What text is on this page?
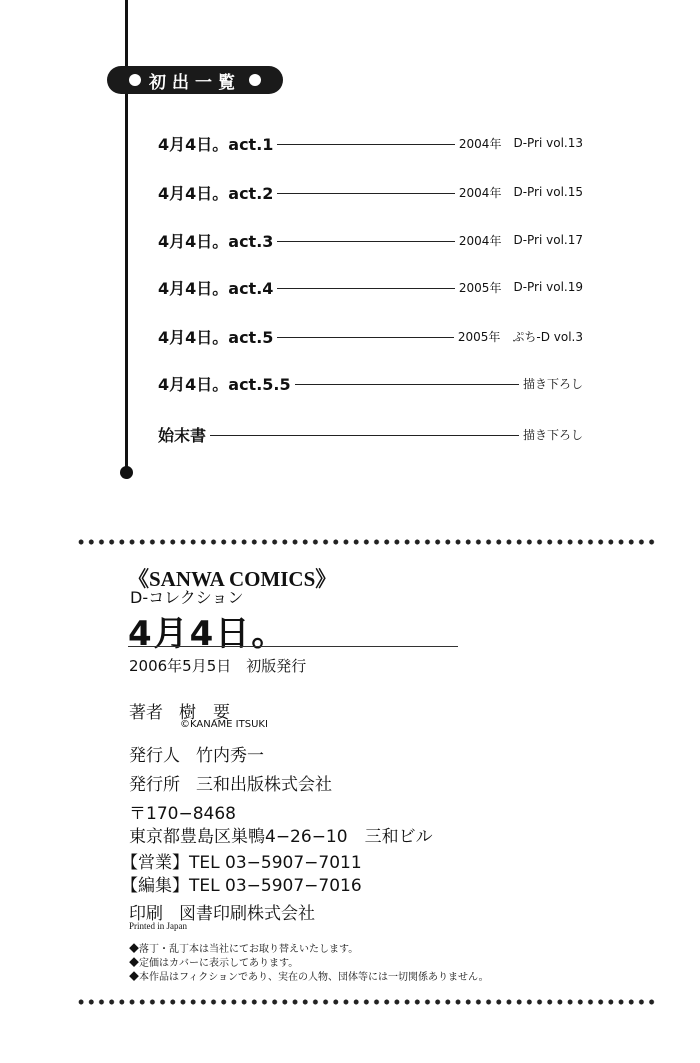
初出一覧
4月4日。act.1	2004年 D-Pri vol.13
4月4日。act.2	2004年 D-Pri vol.15
4月4日。act.3	2004年 D-Pri vol.17
4月4日。act.4	2005年 D-Pri vol.19
4月4日。act.5	2005年 ぷち-D vol.3
4月4日。act.5.5	描き下ろし
始末書	描き下ろし
《SANWA COMICS》
D-コレクション
4月4日。
2006年5月5日　初版発行
著者 樹　要
©KANAME ITSUKI
発行人 竹内秀一
発行所 三和出版株式会社
〒170−8468
東京都豊島区巣鴨4−26−10　三和ビル
【営業】TEL 03−5907−7011
【編集】TEL 03−5907−7016
印刷 図書印刷株式会社
Printed in Japan
◆落丁・乱丁本は当社にてお取り替えいたします。
◆定価はカバーに表示してあります。
◆本作品はフィクションであり、実在の人物、団体等には一切関係ありません。
